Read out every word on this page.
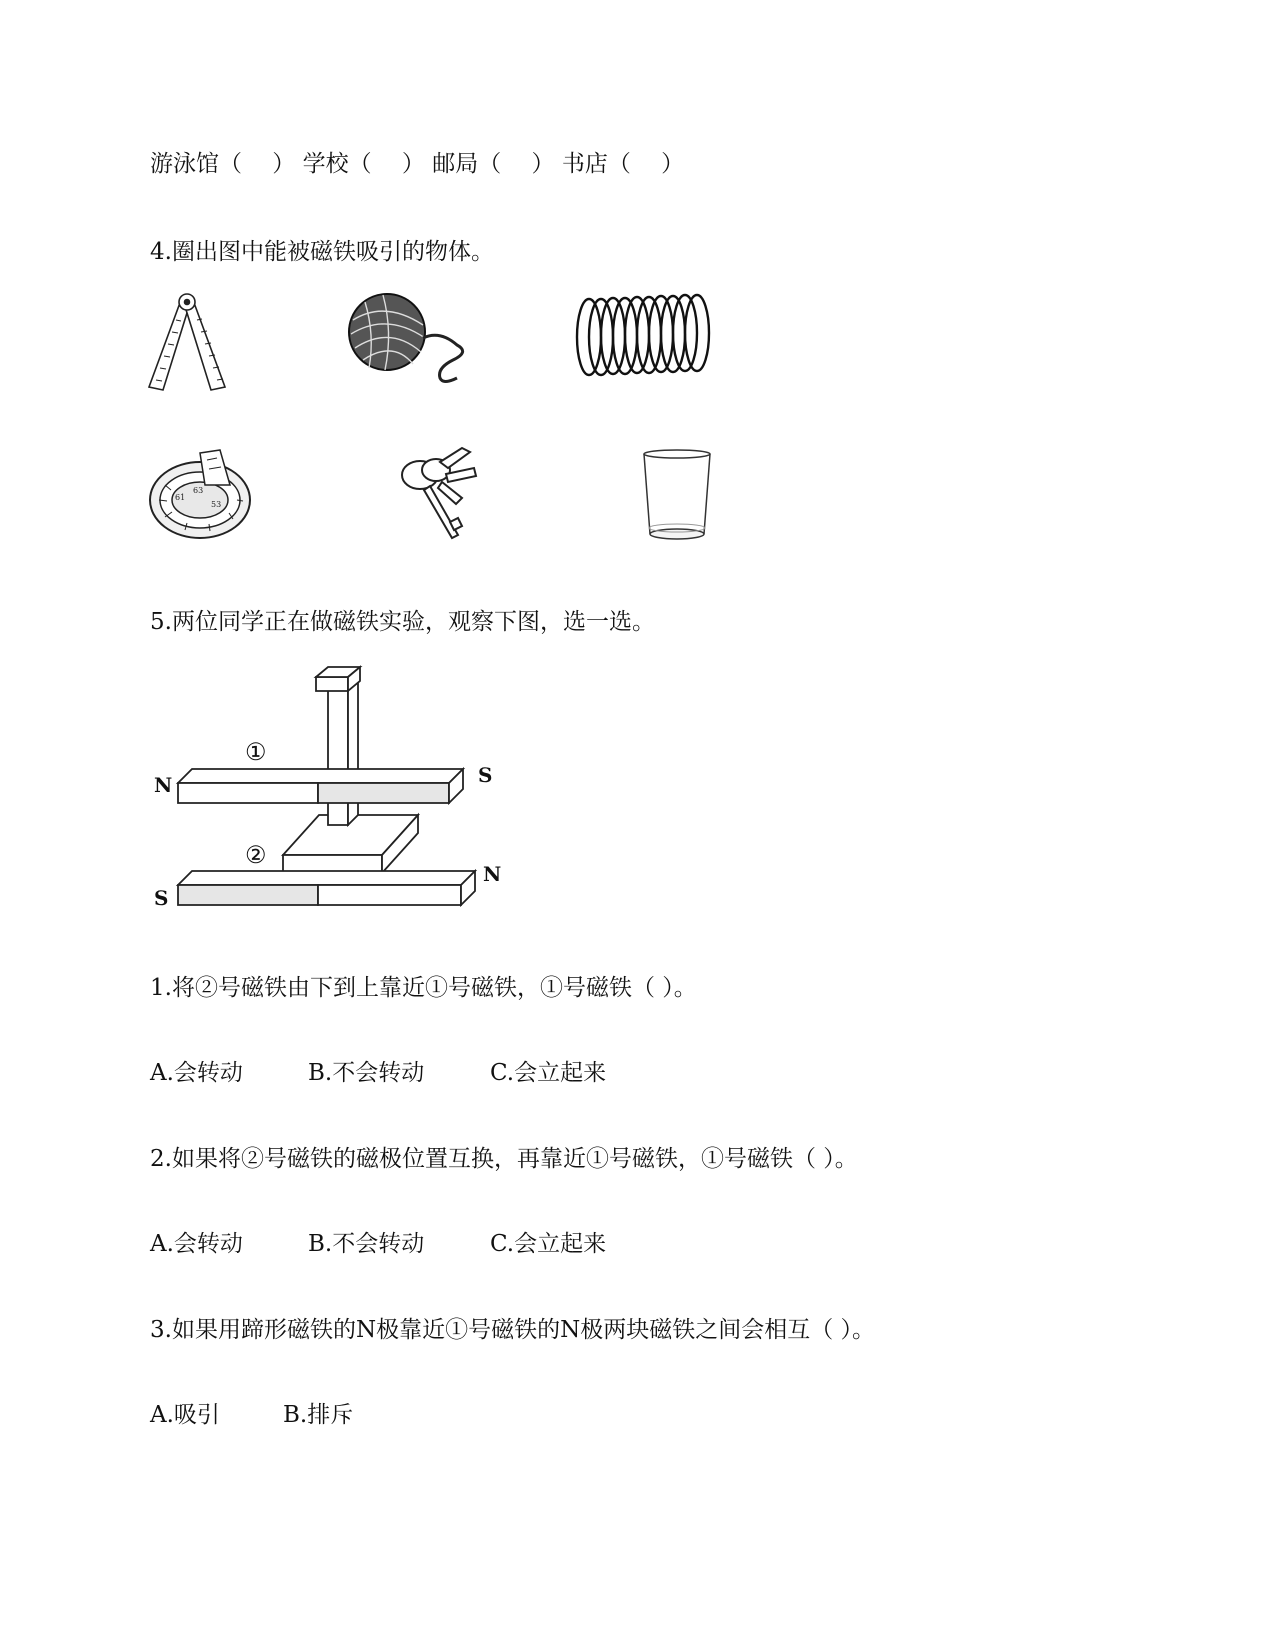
游泳馆（　 ） 学校（　 ） 邮局（　 ） 书店（　 ）
4.圈出图中能被磁铁吸引的物体。
61
63
53
5.两位同学正在做磁铁实验，观察下图，选一选。
①
②
N	S
S
N
1.将②号磁铁由下到上靠近①号磁铁，①号磁铁（ ）。
A.会转动	B.不会转动	C.会立起来
2.如果将②号磁铁的磁极位置互换，再靠近①号磁铁，①号磁铁（ ）。
A.会转动	B.不会转动	C.会立起来
3.如果用蹄形磁铁的N极靠近①号磁铁的N极两块磁铁之间会相互（ ）。
A.吸引	B.排斥
